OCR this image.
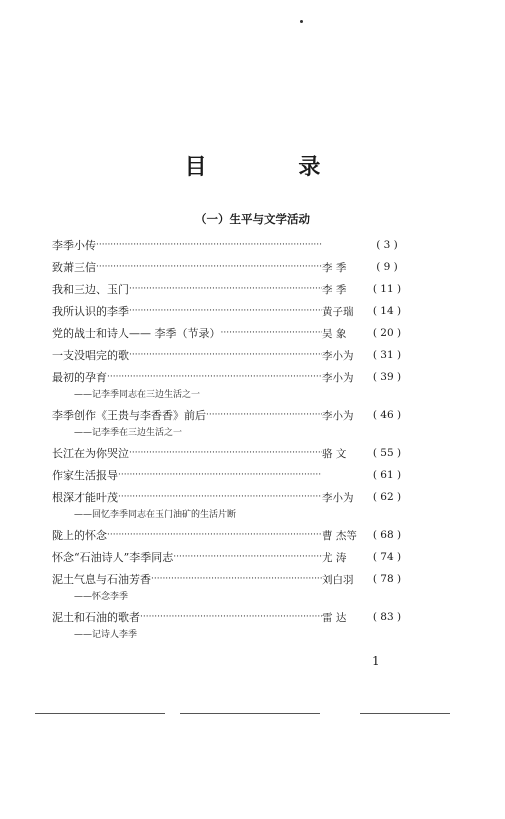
目 录
（一）生平与文学活动
李季小传 ·····	( 3 )
致萧三信 ·····	李 季	( 9 )
我和三边、玉门 ·····	李 季	( 11 )
我所认识的李季 ·····	黄子瑞	( 14 )
党的战士和诗人—— 李季（节录） ·····	吴 象	( 20 )
一支没唱完的歌 ·····	李小为	( 31 )
最初的孕育 ·····	李小为	( 39 )
——记李季同志在三边生活之一
李季创作《王贵与李香香》前后 ·····	李小为	( 46 )
——记李季在三边生活之一
长江在为你哭泣 ·····	骆 文	( 55 )
作家生活报导 ·····	( 61 )
根深才能叶茂 ·····	李小为	( 62 )
——回忆李季同志在玉门油矿的生活片断
陇上的怀念 ·····	曹 杰等	( 68 )
怀念“石油诗人”李季同志 ·····	尤 涛	( 74 )
泥土气息与石油芳香 ·····	刘白羽	( 78 )
——怀念李季
泥土和石油的歌者 ·····	雷 达	( 83 )
——记诗人李季
1
